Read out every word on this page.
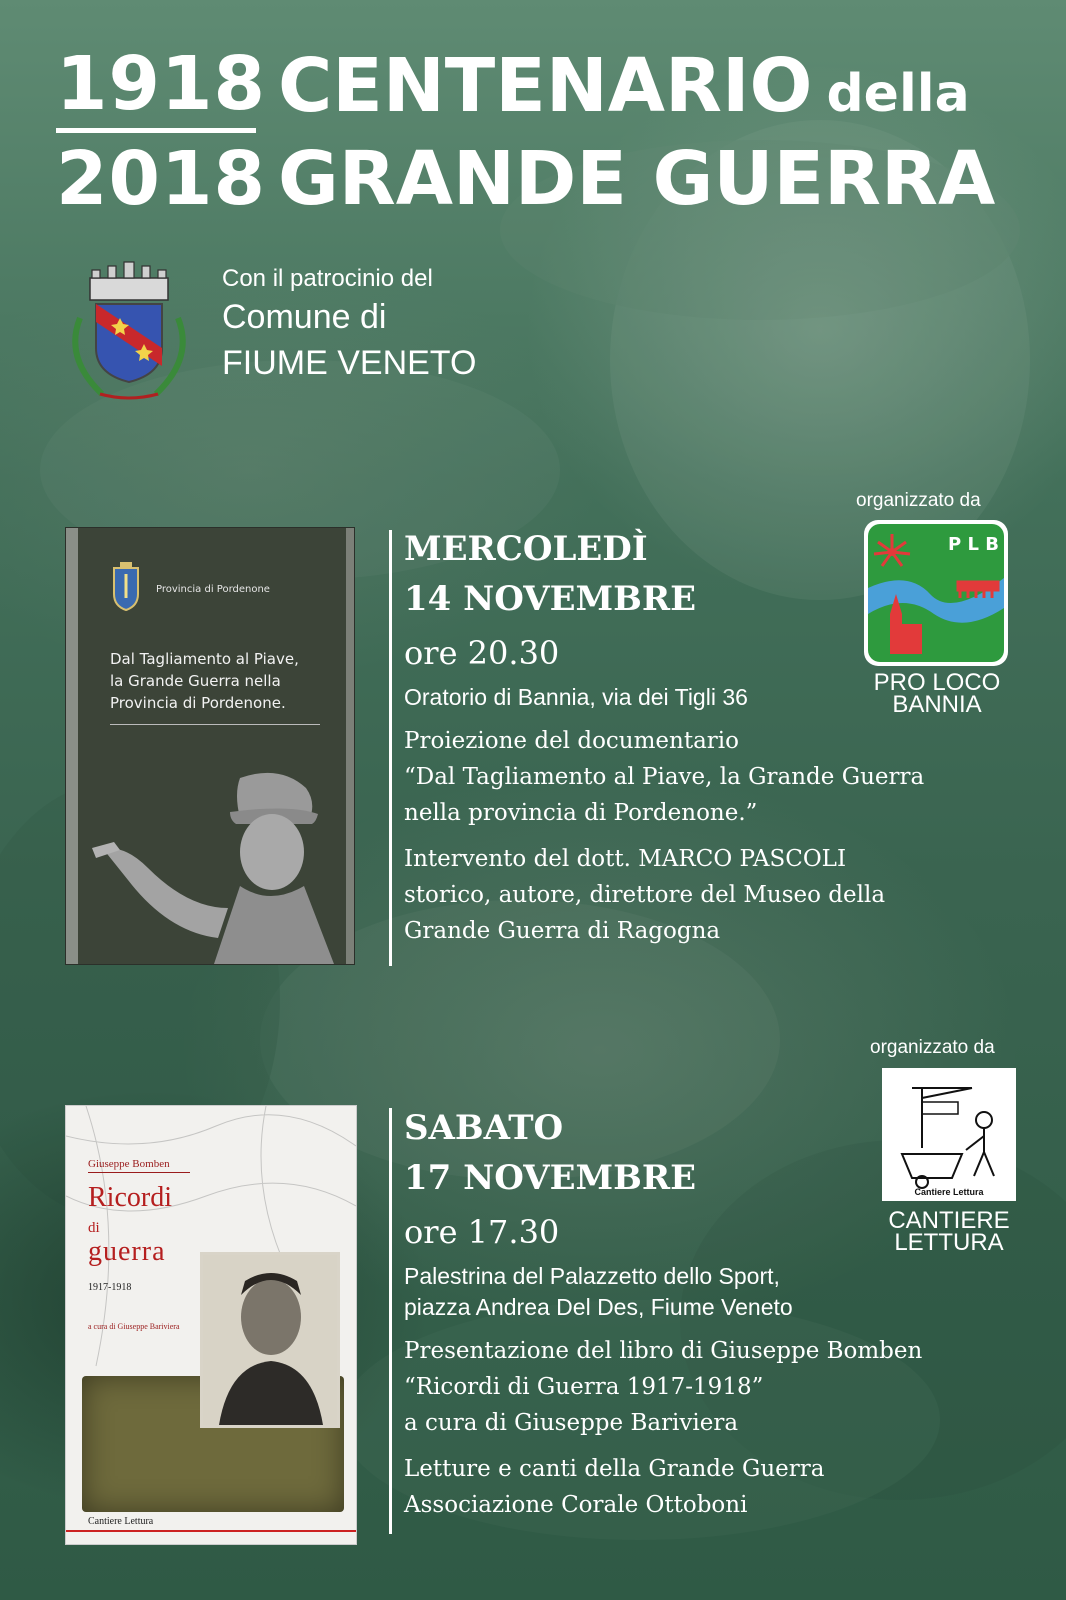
1918
2018
CENTENARIO della
GRANDE GUERRA
Con il patrocinio del
Comune di
FIUME VENETO
Provincia di Pordenone
Dal Tagliamento al Piave,
la Grande Guerra nella
Provincia di Pordenone.
MERCOLEDÌ
14 NOVEMBRE
ore 20.30
Oratorio di Bannia, via dei Tigli 36
Proiezione del documentario
“Dal Tagliamento al Piave, la Grande Guerra
nella provincia di Pordenone.”
Intervento del dott. MARCO PASCOLI
storico, autore, direttore del Museo della
Grande Guerra di Ragogna
organizzato da
P L B
PRO LOCO
BANNIA
Giuseppe Bomben
Ricordi
di
guerra
1917-1918
a cura di Giuseppe Bariviera
Cantiere Lettura
SABATO
17 NOVEMBRE
ore 17.30
Palestrina del Palazzetto dello Sport,
piazza Andrea Del Des, Fiume Veneto
Presentazione del libro di Giuseppe Bomben
“Ricordi di Guerra 1917-1918”
a cura di Giuseppe Bariviera
Letture e canti della Grande Guerra
Associazione Corale Ottoboni
organizzato da
Cantiere Lettura
CANTIERE
LETTURA
